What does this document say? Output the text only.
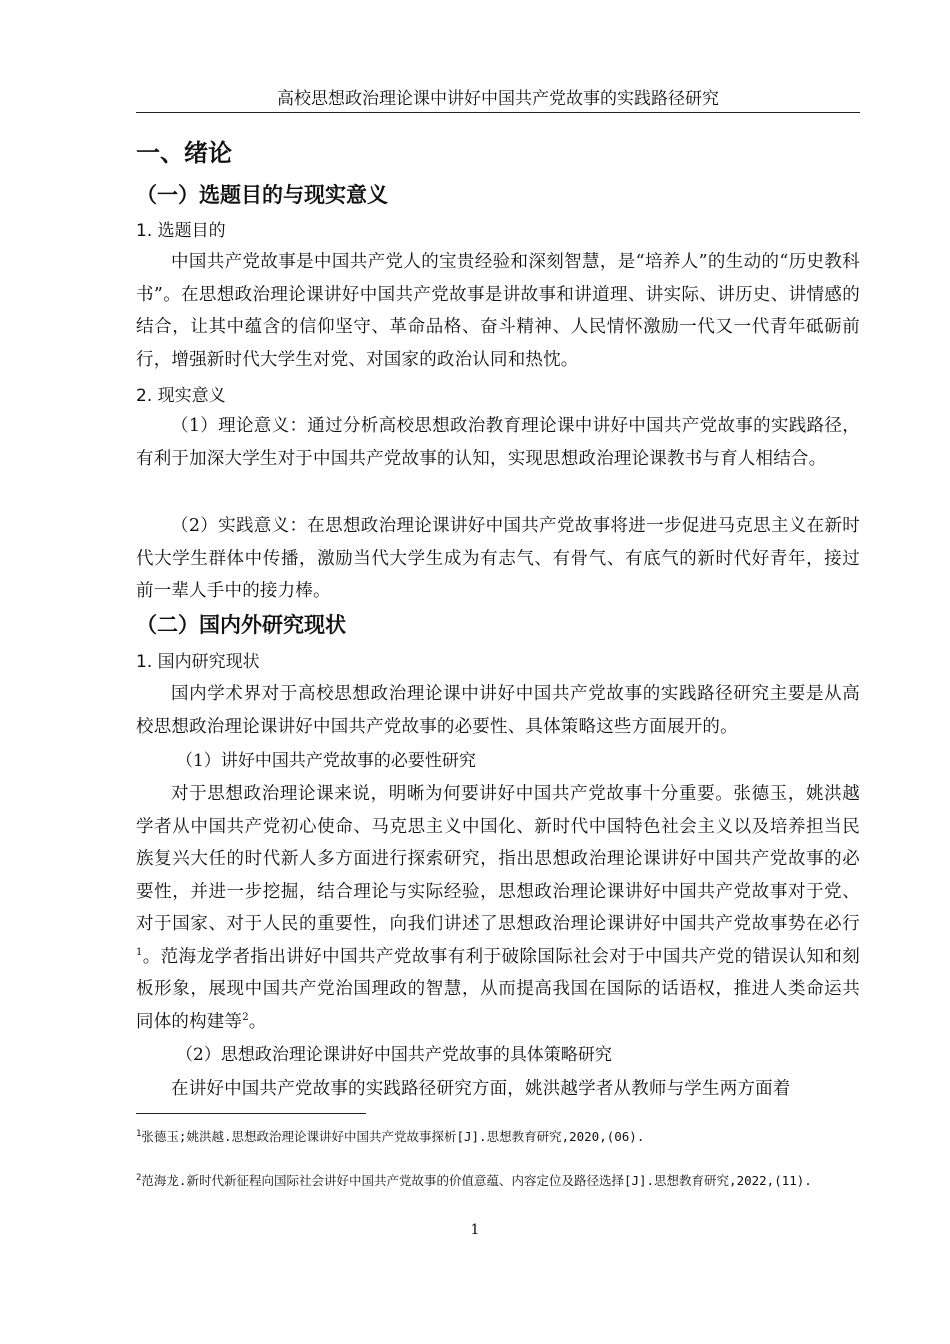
高校思想政治理论课中讲好中国共产党故事的实践路径研究
一、绪论
（一）选题目的与现实意义
1. 选题目的

中国共产党故事是中国共产党人的宝贵经验和深刻智慧，是“培养人”的生动的“历史教科书”。在思想政治理论课讲好中国共产党故事是讲故事和讲道理、讲实际、讲历史、讲情感的结合，让其中蕴含的信仰坚守、革命品格、奋斗精神、人民情怀激励一代又一代青年砥砺前行，增强新时代大学生对党、对国家的政治认同和热忱。

2. 现实意义

（1）理论意义：通过分析高校思想政治教育理论课中讲好中国共产党故事的实践路径，有利于加深大学生对于中国共产党故事的认知，实现思想政治理论课教书与育人相结合。

（2）实践意义：在思想政治理论课讲好中国共产党故事将进一步促进马克思主义在新时代大学生群体中传播，激励当代大学生成为有志气、有骨气、有底气的新时代好青年，接过前一辈人手中的接力棒。

（二）国内外研究现状
1. 国内研究现状

国内学术界对于高校思想政治理论课中讲好中国共产党故事的实践路径研究主要是从高校思想政治理论课讲好中国共产党故事的必要性、具体策略这些方面展开的。

（1）讲好中国共产党故事的必要性研究

对于思想政治理论课来说，明晰为何要讲好中国共产党故事十分重要。张德玉，姚洪越学者从中国共产党初心使命、马克思主义中国化、新时代中国特色社会主义以及培养担当民族复兴大任的时代新人多方面进行探索研究，指出思想政治理论课讲好中国共产党故事的必要性，并进一步挖掘，结合理论与实际经验，思想政治理论课讲好中国共产党故事对于党、对于国家、对于人民的重要性，向我们讲述了思想政治理论课讲好中国共产党故事势在必行$^1$。范海龙学者指出讲好中国共产党故事有利于破除国际社会对于中国共产党的错误认知和刻板形象，展现中国共产党治国理政的智慧，从而提高我国在国际的话语权，推进人类命运共同体的构建等$^2$。

（2）思想政治理论课讲好中国共产党故事的具体策略研究

在讲好中国共产党故事的实践路径研究方面，姚洪越学者从教师与学生两方面着

$^1$张德玉;姚洪越.思想政治理论课讲好中国共产党故事探析[J].思想教育研究,2020,(06).
$^2$范海龙.新时代新征程向国际社会讲好中国共产党故事的价值意蕴、内容定位及路径选择[J].思想教育研究,2022,(11).
1
